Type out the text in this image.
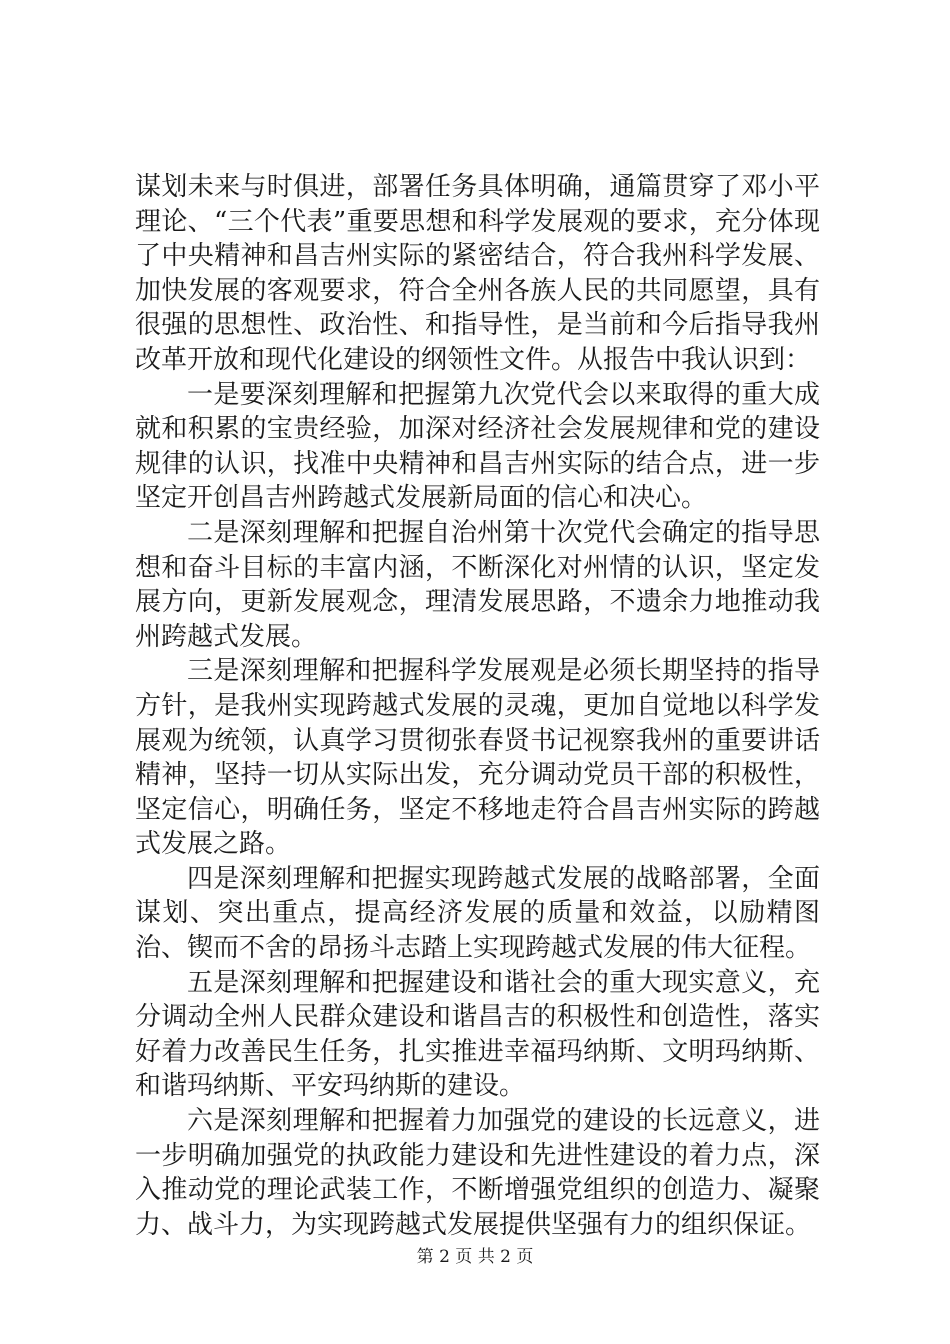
谋划未来与时俱进，部署任务具体明确，通篇贯穿了邓小平理论、“三个代表”重要思想和科学发展观的要求，充分体现了中央精神和昌吉州实际的紧密结合，符合我州科学发展、加快发展的客观要求，符合全州各族人民的共同愿望，具有很强的思想性、政治性、和指导性，是当前和今后指导我州改革开放和现代化建设的纲领性文件。从报告中我认识到：

一是要深刻理解和把握第九次党代会以来取得的重大成就和积累的宝贵经验，加深对经济社会发展规律和党的建设规律的认识，找准中央精神和昌吉州实际的结合点，进一步坚定开创昌吉州跨越式发展新局面的信心和决心。

二是深刻理解和把握自治州第十次党代会确定的指导思想和奋斗目标的丰富内涵，不断深化对州情的认识，坚定发展方向，更新发展观念，理清发展思路，不遗余力地推动我州跨越式发展。

三是深刻理解和把握科学发展观是必须长期坚持的指导方针，是我州实现跨越式发展的灵魂，更加自觉地以科学发展观为统领，认真学习贯彻张春贤书记视察我州的重要讲话精神，坚持一切从实际出发，充分调动党员干部的积极性，坚定信心，明确任务，坚定不移地走符合昌吉州实际的跨越式发展之路。

四是深刻理解和把握实现跨越式发展的战略部署，全面谋划、突出重点，提高经济发展的质量和效益，以励精图治、锲而不舍的昂扬斗志踏上实现跨越式发展的伟大征程。

五是深刻理解和把握建设和谐社会的重大现实意义，充分调动全州人民群众建设和谐昌吉的积极性和创造性，落实好着力改善民生任务，扎实推进幸福玛纳斯、文明玛纳斯、和谐玛纳斯、平安玛纳斯的建设。

六是深刻理解和把握着力加强党的建设的长远意义，进一步明确加强党的执政能力建设和先进性建设的着力点，深入推动党的理论武装工作，不断增强党组织的创造力、凝聚力、战斗力，为实现跨越式发展提供坚强有力的组织保证。

第 2 页 共 2 页
